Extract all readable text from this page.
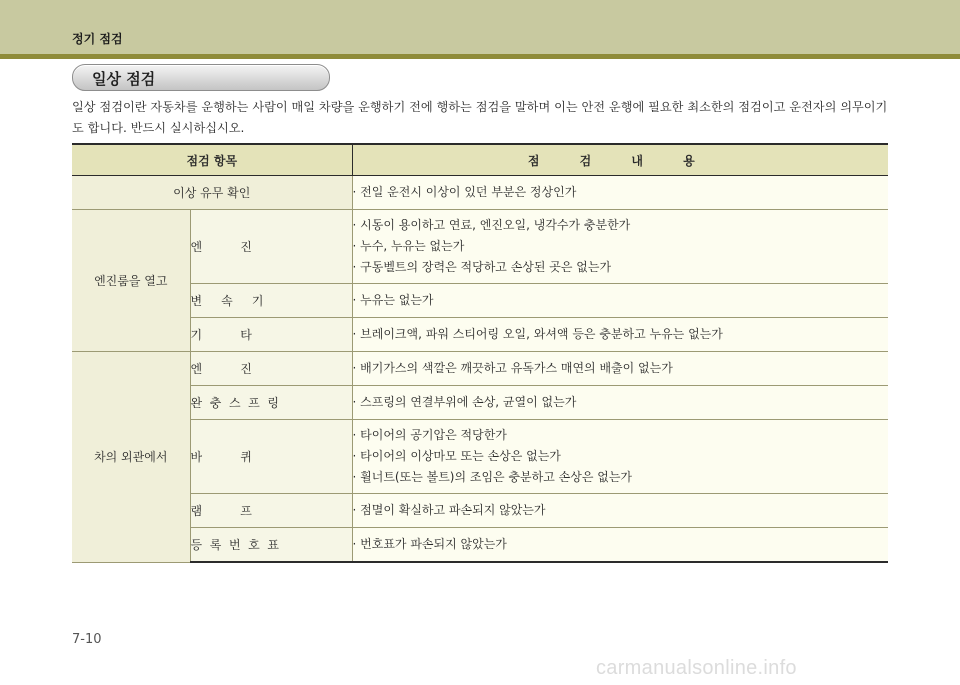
정기 점검
일상 점검
일상 점검이란 자동차를 운행하는 사람이 매일 차량을 운행하기 전에 행하는 점검을 말하며 이는 안전 운행에 필요한 최소한의 점검이고 운전자의 의무이기 도 합니다. 반드시 실시하십시오.
점검 항목		점 검 내 용
이상 유무 확인		· 전일 운전시 이상이 있던 부분은 정상인가

엔진룸을 열고	엔          진	· 시동이 용이하고 연료, 엔진오일, 냉각수가 충분한가
· 누수, 누유는 없는가
· 구동벨트의 장력은 적당하고 손상된 곳은 없는가

	변     속     기	· 누유는 없는가

	기          타	· 브레이크액, 파워 스티어링 오일, 와셔액 등은 충분하고 누유는 없는가

차의 외관에서	엔          진	· 배기가스의 색깔은 깨끗하고 유독가스 매연의 배출이 없는가

	완  충  스  프  링	· 스프링의 연결부위에 손상, 균열이 없는가

	바          퀴	· 타이어의 공기압은 적당한가
· 타이어의 이상마모 또는 손상은 없는가
· 휠너트(또는 볼트)의 조임은 충분하고 손상은 없는가

	램          프	· 점멸이 확실하고 파손되지 않았는가

	등  록  번  호  표	· 번호표가 파손되지 않았는가
7-10
carmanualsonline.info
